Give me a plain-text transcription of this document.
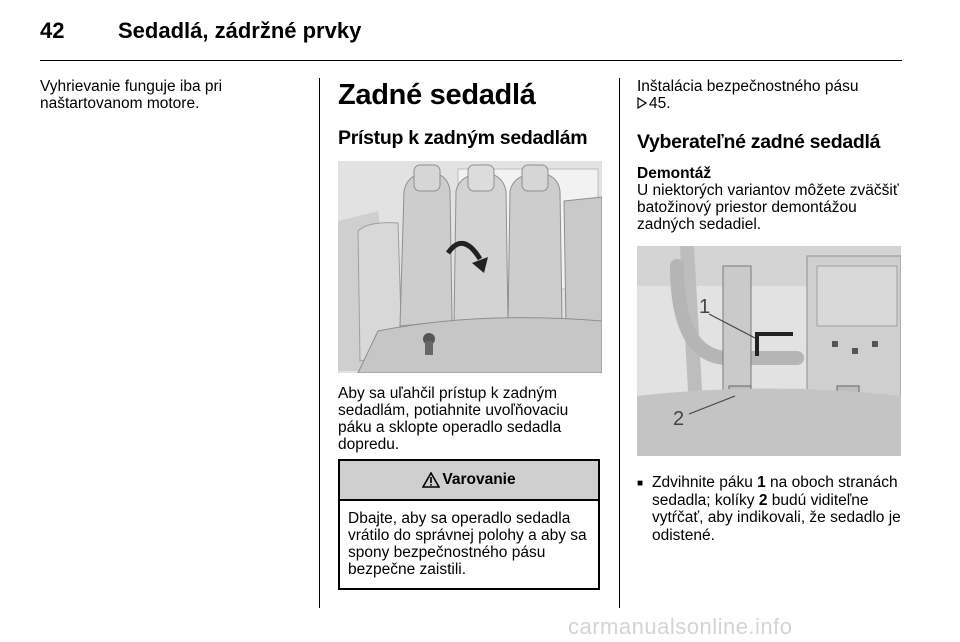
42 Sedadlá, zádržné prvky

Vyhrievanie funguje iba pri naštartovanom motore.	Zadné sedadlá
Prístup k zadným sedadlám

Aby sa uľahčil prístup k zadným sedadlám, potiahnite uvoľňovaciu páku a sklopte operadlo sedadla dopredu.

Varovanie
Dbajte, aby sa operadlo sedadla vrátilo do správnej polohy a aby sa spony bezpečnostného pásu bezpečne zaistili.

Inštalácia bezpečnostného pásu
45.

Vyberateľné zadné sedadlá
Demontáž

U niektorých variantov môžete zväčšiť batožinový priestor demontážou zadných sedadiel.

1
2
■ Zdvihnite páku 1 na oboch stranách sedadla; kolíky 2 budú viditeľne vytŕčať, aby indikovali, že sedadlo je odistené.
carmanualsonline.info
